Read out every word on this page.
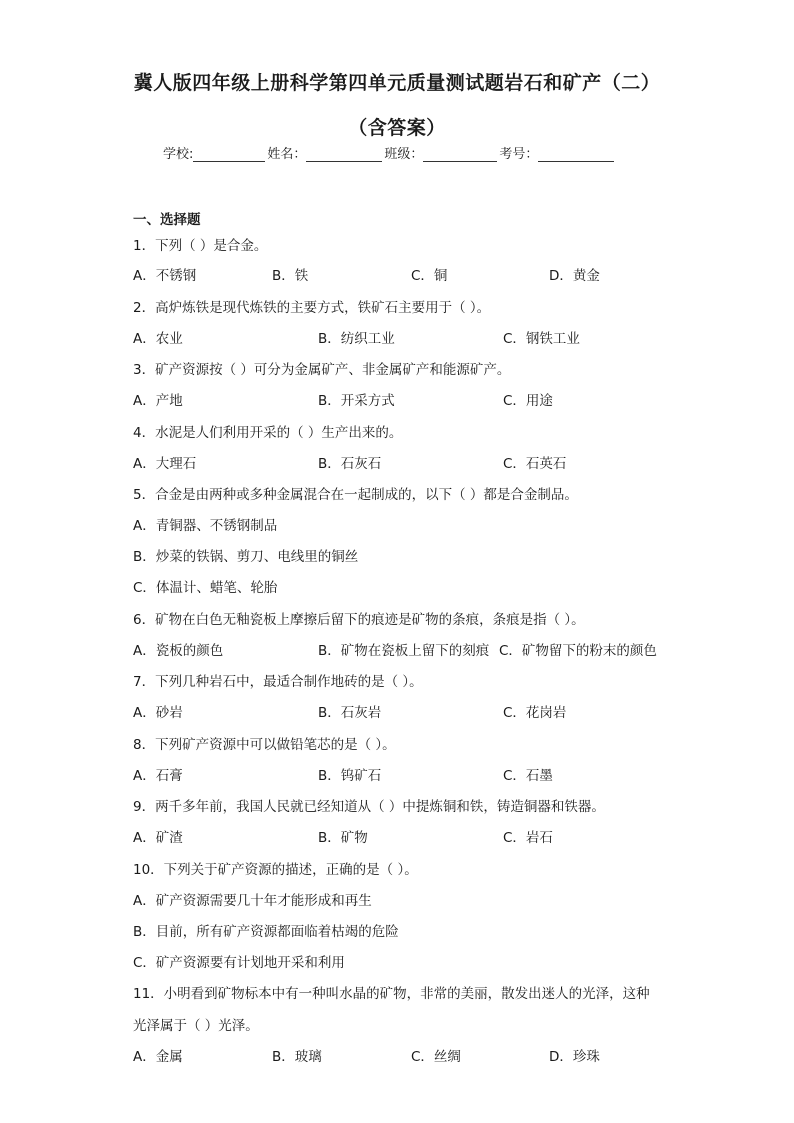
冀人版四年级上册科学第四单元质量测试题岩石和矿产（二）
（含答案）
学校:	姓名：	班级：	考号：
一、选择题
1．下列（ ）是合金。
A．不锈钢	B．铁	C．铜	D．黄金
2．高炉炼铁是现代炼铁的主要方式，铁矿石主要用于（ ）。
A．农业	B．纺织工业	C．钢铁工业
3．矿产资源按（ ）可分为金属矿产、非金属矿产和能源矿产。
A．产地	B．开采方式	C．用途
4．水泥是人们利用开采的（ ）生产出来的。
A．大理石	B．石灰石	C．石英石
5．合金是由两种或多种金属混合在一起制成的，以下（ ）都是合金制品。
A．青铜器、不锈钢制品
B．炒菜的铁锅、剪刀、电线里的铜丝
C．体温计、蜡笔、轮胎
6．矿物在白色无釉瓷板上摩擦后留下的痕迹是矿物的条痕，条痕是指（ ）。
A．瓷板的颜色	B．矿物在瓷板上留下的刻痕 C．矿物留下的粉末的颜色
7．下列几种岩石中，最适合制作地砖的是（ ）。
A．砂岩	B．石灰岩	C．花岗岩
8．下列矿产资源中可以做铅笔芯的是（ ）。
A．石膏	B．钨矿石	C．石墨
9．两千多年前，我国人民就已经知道从（ ）中提炼铜和铁，铸造铜器和铁器。
A．矿渣	B．矿物	C．岩石
10．下列关于矿产资源的描述，正确的是（ ）。
A．矿产资源需要几十年才能形成和再生
B．目前，所有矿产资源都面临着枯竭的危险
C．矿产资源要有计划地开采和利用
11．小明看到矿物标本中有一种叫水晶的矿物，非常的美丽，散发出迷人的光泽，这种
光泽属于（ ）光泽。
A．金属	B．玻璃	C．丝绸	D．珍珠
